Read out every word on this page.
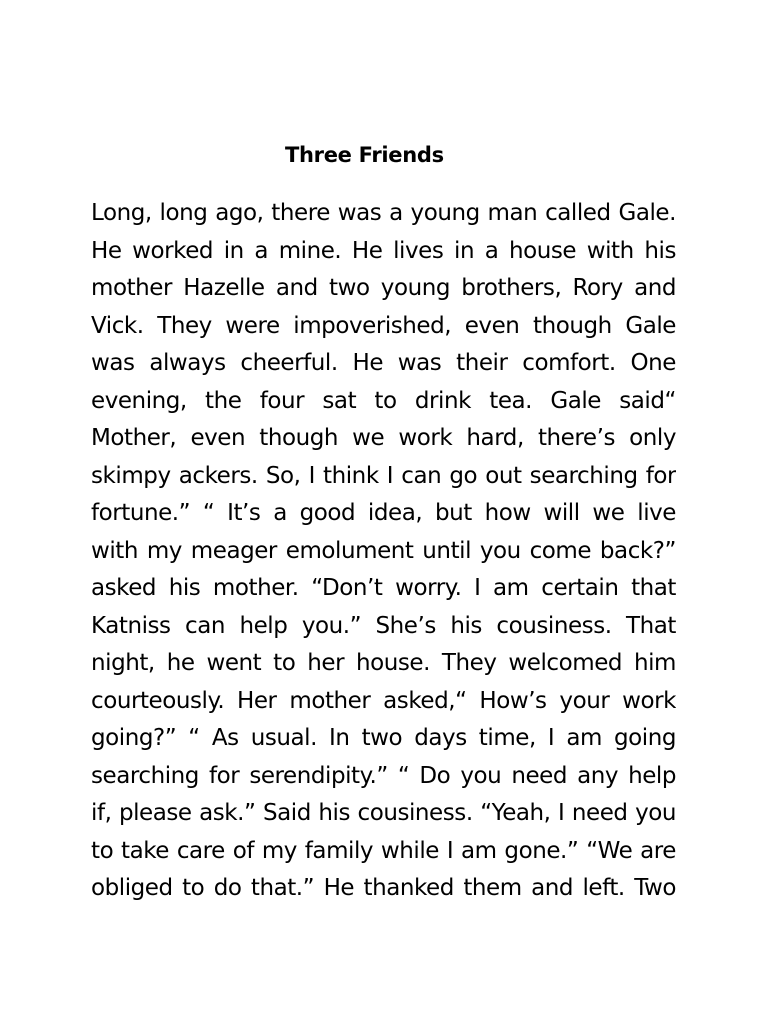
Three Friends
Long, long ago, there was a young man called Gale.
He worked in a mine. He lives in a house with his
mother Hazelle and two young brothers, Rory and
Vick. They were impoverished, even though Gale
was always cheerful. He was their comfort. One
evening, the four sat to drink tea. Gale said“
Mother, even though we work hard, there’s only
skimpy ackers. So, I think I can go out searching for
fortune.” “ It’s a good idea, but how will we live
with my meager emolument until you come back?”
asked his mother. “Don’t worry. I am certain that
Katniss can help you.” She’s his cousiness. That
night, he went to her house. They welcomed him
courteously. Her mother asked,“ How’s your work
going?” “ As usual. In two days time, I am going
searching for serendipity.” “ Do you need any help
if, please ask.” Said his cousiness. “Yeah, I need you
to take care of my family while I am gone.” “We are
obliged to do that.” He thanked them and left. Two
